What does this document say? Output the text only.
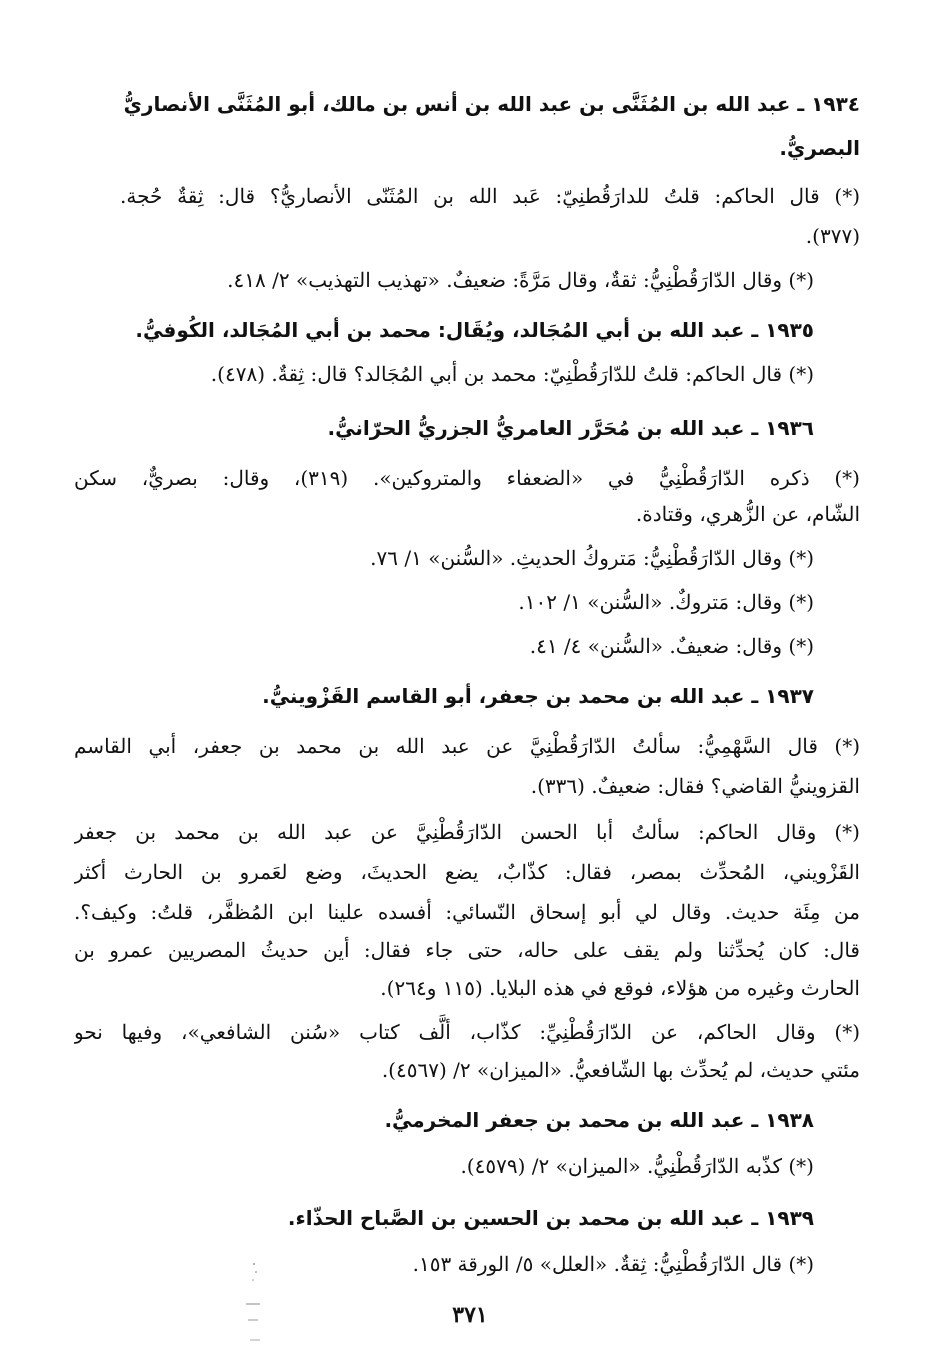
١٩٣٤ ـ عبد الله بن المُثَنَّى بن عبد الله بن أنس بن مالك، أبو المُثَنَّى الأنصاريُّ
البصريُّ.
(*) قال الحاكم: قلتُ للدارَقُطنِيّ: عَبد الله بن المُثَنّى الأنصاريُّ؟ قال: ثِقةٌ حُجة.
(٣٧٧).
(*) وقال الدّارَقُطْنِيُّ: ثقةٌ، وقال مَرَّةً: ضعيفٌ. «تهذيب التهذيب» ٢/ ٤١٨.
١٩٣٥ ـ عبد الله بن أبي المُجَالد، ويُقَال: محمد بن أبي المُجَالد، الكُوفيُّ.
(*) قال الحاكم: قلتُ للدّارَقُطْنِيّ: محمد بن أبي المُجَالد؟ قال: ثِقةٌ. (٤٧٨).
١٩٣٦ ـ عبد الله بن مُحَرَّر العامريُّ الجزريُّ الحرّانيُّ.
(*) ذكره الدّارَقُطْنِيُّ في «الضعفاء والمتروكين». (٣١٩)، وقال: بصريٌّ، سكن
الشّام، عن الزُّهري، وقتادة.
(*) وقال الدّارَقُطْنِيُّ: مَتروكُ الحديثِ. «السُّنن» ١/ ٧٦.
(*) وقال: مَتروكٌ. «السُّنن» ١/ ١٠٢.
(*) وقال: ضعيفٌ. «السُّنن» ٤/ ٤١.
١٩٣٧ ـ عبد الله بن محمد بن جعفر، أبو القاسم القَزْوينيُّ.
(*) قال السَّهْمِيُّ: سألتُ الدّارَقُطْنِيَّ عن عبد الله بن محمد بن جعفر، أبي القاسم
القزوينيُّ القاضي؟ فقال: ضعيفٌ. (٣٣٦).
(*) وقال الحاكم: سألتُ أبا الحسن الدّارَقُطْنِيَّ عن عبد الله بن محمد بن جعفر
القَزْويني، المُحدِّث بمصر، فقال: كذّابٌ، يضع الحديثَ، وضع لعَمرو بن الحارث أكثر
من مِئَة حديث. وقال لي أبو إسحاق النّسائي: أفسده علينا ابن المُظفَّر، قلتُ: وكيف؟.
قال: كان يُحدِّثنا ولم يقف على حاله، حتى جاء فقال: أين حديثُ المصريين عمرو بن
الحارث وغيره من هؤلاء، فوقع في هذه البلايا. (١١٥ و٢٦٤).
(*) وقال الحاكم، عن الدّارَقُطْنِيِّ: كذّاب، ألَّف كتاب «سُنن الشافعي»، وفيها نحو
مئتي حديث، لم يُحدِّث بها الشّافعيُّ. «الميزان» ٢/ (٤٥٦٧).
١٩٣٨ ـ عبد الله بن محمد بن جعفر المخرميُّ.
(*) كذّبه الدّارَقُطْنِيُّ. «الميزان» ٢/ (٤٥٧٩).
١٩٣٩ ـ عبد الله بن محمد بن الحسين بن الصَّباح الحذّاء.
(*) قال الدّارَقُطْنِيُّ: ثِقةٌ. «العلل» ٥/ الورقة ١٥٣.
٣٧١
